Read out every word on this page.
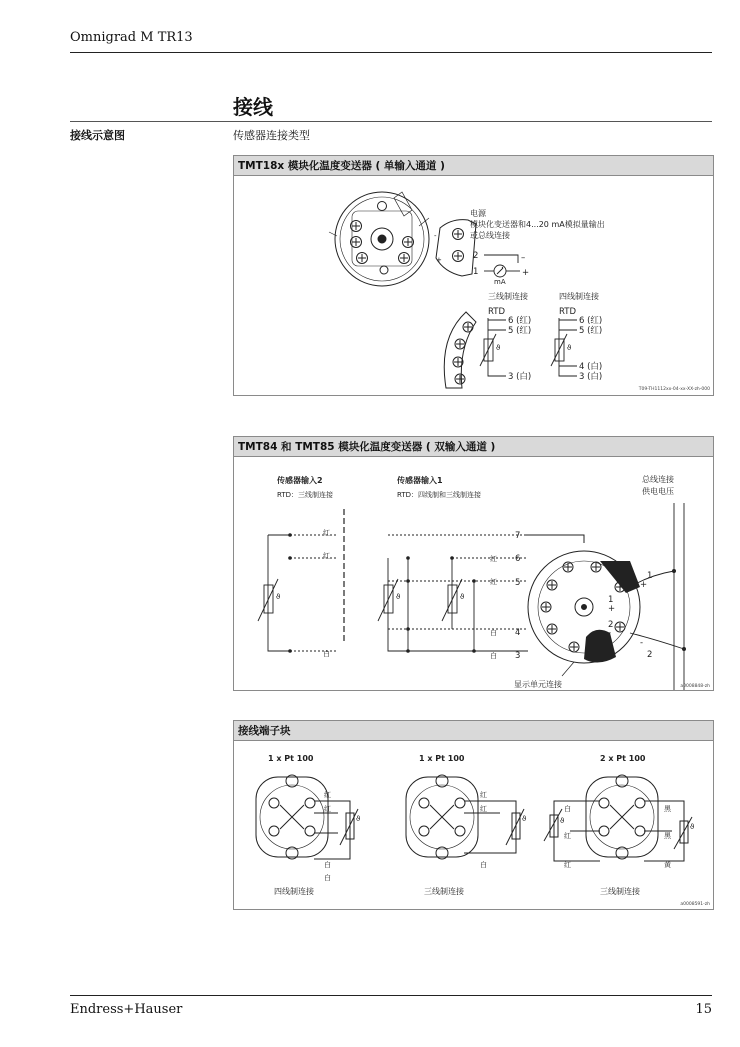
Omnigrad M TR13
接线
接线示意图	传感器连接类型
TMT18x 模块化温度变送器 ( 单输入通道 )
-
+
电源
模块化变送器和4...20 mA模拟量输出
或总线连接
2
1
–
+
mA
三线制连接
RTD
ϑ
6 (红)
5 (红)
3 (白)
四线制连接
RTD
ϑ
6 (红)
5 (红)
4 (白)
3 (白)
T09-TH1112xx-04-xx-XX-zh-000
TMT84 和 TMT85 模块化温度变送器 ( 双输入通道 )
传感器输入2
RTD：三线制连接
传感器输入1
RTD：四线制和三线制连接
总线连接
供电电压
ϑ
红
红
白
ϑ	ϑ
红
红
白
白
7
6
5
4
3
1
+
2
-
1
+
2
-
显示单元连接	a0008848-zh
接线端子块
1 x Pt 100	1 x Pt 100	2 x Pt 100
ϑ
红
红
白
白
四线制连接
ϑ
红
红
白
三线制连接
ϑ
ϑ
白
红
红
黑
黑
黄
三线制连接
a0008591-zh
Endress+Hauser	15
